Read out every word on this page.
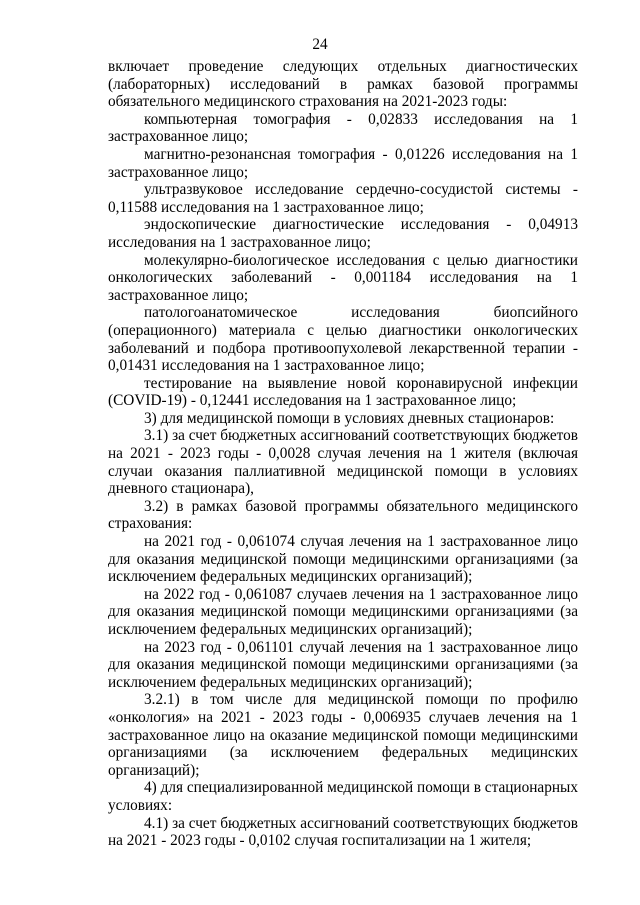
24

включает проведение следующих отдельных диагностических (лабораторных) исследований в рамках базовой программы обязательного медицинского страхования на 2021-2023 годы:

компьютерная томография - 0,02833 исследования на 1 застрахованное лицо;

магнитно-резонансная томография - 0,01226 исследования на 1 застрахованное лицо;

ультразвуковое исследование сердечно-сосудистой системы - 0,11588 исследования на 1 застрахованное лицо;

эндоскопические диагностические исследования - 0,04913 исследования на 1 застрахованное лицо;

молекулярно-биологическое исследования с целью диагностики онкологических заболеваний - 0,001184 исследования на 1 застрахованное лицо;

патологоанатомическое исследования биопсийного (операционного) материала с целью диагностики онкологических заболеваний и подбора противоопухолевой лекарственной терапии - 0,01431 исследования на 1 застрахованное лицо;

тестирование на выявление новой коронавирусной инфекции (COVID-19) - 0,12441 исследования на 1 застрахованное лицо;

3) для медицинской помощи в условиях дневных стационаров:

3.1) за счет бюджетных ассигнований соответствующих бюджетов на 2021 - 2023 годы - 0,0028 случая лечения на 1 жителя (включая случаи оказания паллиативной медицинской помощи в условиях дневного стационара),

3.2) в рамках базовой программы обязательного медицинского страхования:

на 2021 год - 0,061074 случая лечения на 1 застрахованное лицо для оказания медицинской помощи медицинскими организациями (за исключением федеральных медицинских организаций);

на 2022 год - 0,061087 случаев лечения на 1 застрахованное лицо для оказания медицинской помощи медицинскими организациями (за исключением федеральных медицинских организаций);

на 2023 год - 0,061101 случай лечения на 1 застрахованное лицо для оказания медицинской помощи медицинскими организациями (за исключением федеральных медицинских организаций);

3.2.1) в том числе для медицинской помощи по профилю «онкология» на 2021 - 2023 годы - 0,006935 случаев лечения на 1 застрахованное лицо на оказание медицинской помощи медицинскими организациями (за исключением федеральных медицинских организаций);

4) для специализированной медицинской помощи в стационарных условиях:

4.1) за счет бюджетных ассигнований соответствующих бюджетов на 2021 - 2023 годы - 0,0102 случая госпитализации на 1 жителя;
